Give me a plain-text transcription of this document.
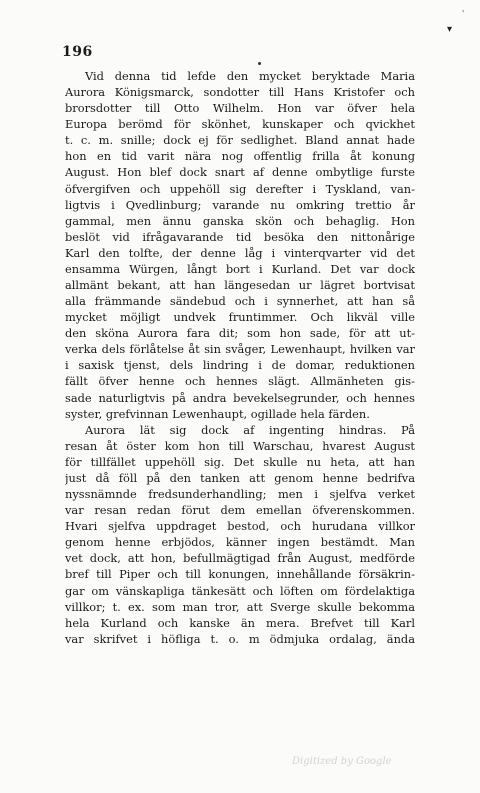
196
▾
'
Vid denna tid lefde den mycket beryktade Maria
Aurora Königsmarck, sondotter till Hans Kristofer och
brorsdotter till Otto Wilhelm. Hon var öfver hela
Europa berömd för skönhet, kunskaper och qvickhet
t. c. m. snille; dock ej för sedlighet. Bland annat hade
hon en tid varit nära nog offentlig frilla åt konung
August. Hon blef dock snart af denne ombytlige furste
öfvergifven och uppehöll sig derefter i Tyskland, van-
ligtvis i Qvedlinburg; varande nu omkring trettio år
gammal, men ännu ganska skön och behaglig. Hon
beslöt vid ifrågavarande tid besöka den nittonårige
Karl den tolfte, der denne låg i vinterqvarter vid det
ensamma Würgen, långt bort i Kurland. Det var dock
allmänt bekant, att han längesedan ur lägret bortvisat
alla främmande sändebud och i synnerhet, att han så
mycket möjligt undvek fruntimmer. Och likväl ville
den sköna Aurora fara dit; som hon sade, för att ut-
verka dels förlåtelse åt sin svåger, Lewenhaupt, hvilken var
i saxisk tjenst, dels lindring i de domar, reduktionen
fällt öfver henne och hennes slägt. Allmänheten gis-
sade naturligtvis på andra bevekelsegrunder, och hennes
syster, grefvinnan Lewenhaupt, ogillade hela färden.
Aurora lät sig dock af ingenting hindras. På
resan åt öster kom hon till Warschau, hvarest August
för tillfället uppehöll sig. Det skulle nu heta, att han
just då föll på den tanken att genom henne bedrifva
nyssnämnde fredsunderhandling; men i sjelfva verket
var resan redan förut dem emellan öfverenskommen.
Hvari sjelfva uppdraget bestod, och hurudana villkor
genom henne erbjödos, känner ingen bestämdt. Man
vet dock, att hon, befullmägtigad från August, medförde
bref till Piper och till konungen, innehållande försäkrin-
gar om vänskapliga tänkesätt och löften om fördelaktiga
villkor; t. ex. som man tror, att Sverge skulle bekomma
hela Kurland och kanske än mera. Brefvet till Karl
var skrifvet i höfliga t. o. m ödmjuka ordalag, ända
Digitized by Google
